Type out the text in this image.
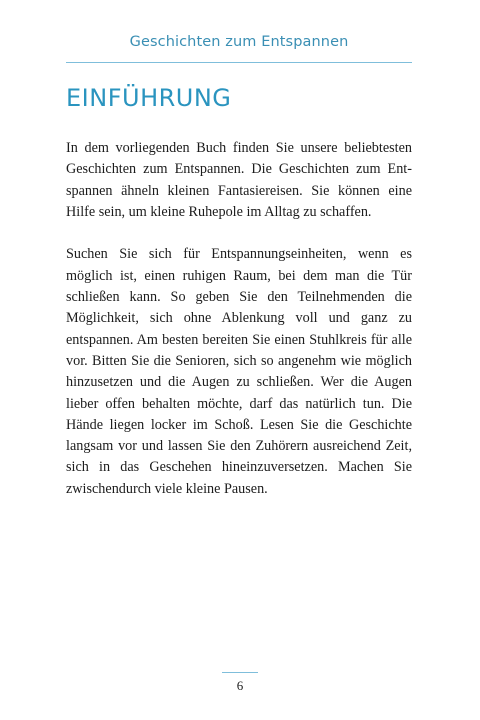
Geschichten zum Entspannen
EINFÜHRUNG

In dem vorliegenden Buch finden Sie unsere beliebtesten Geschichten zum Entspannen. Die Geschichten zum Entspannen ähneln kleinen Fantasiereisen. Sie können eine Hilfe sein, um kleine Ruhepole im Alltag zu schaffen.

Suchen Sie sich für Entspannungseinheiten, wenn es möglich ist, einen ruhigen Raum, bei dem man die Tür schließen kann. So geben Sie den Teilnehmenden die Möglichkeit, sich ohne Ablenkung voll und ganz zu entspannen. Am besten bereiten Sie einen Stuhlkreis für alle vor. Bitten Sie die Senioren, sich so angenehm wie möglich hinzusetzen und die Augen zu schließen. Wer die Augen lieber offen behalten möchte, darf das natürlich tun. Die Hände liegen locker im Schoß. Lesen Sie die Geschichte langsam vor und lassen Sie den Zuhörern ausreichend Zeit, sich in das Geschehen hineinzuversetzen. Machen Sie zwischendurch viele kleine Pausen.

6
